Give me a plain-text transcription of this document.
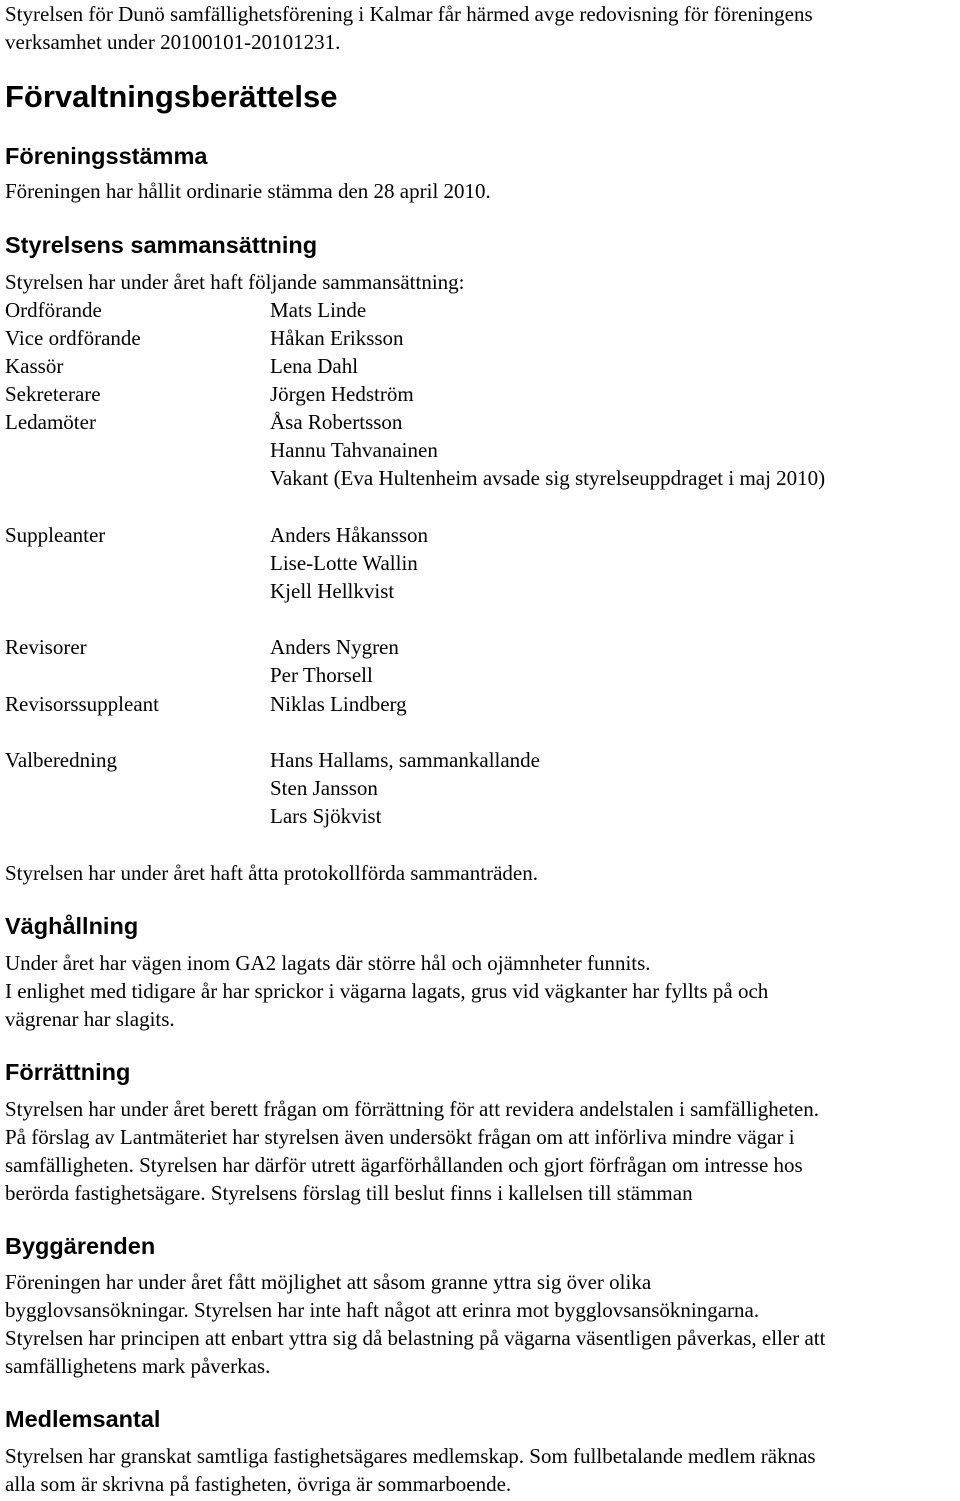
Styrelsen för Dunö samfällighetsförening i Kalmar får härmed avge redovisning för föreningens
verksamhet under 20100101-20101231.
Förvaltningsberättelse
Föreningsstämma
Föreningen har hållit ordinarie stämma den 28 april 2010.
Styrelsens sammansättning
Styrelsen har under året haft följande sammansättning:
Ordförande
Vice ordförande
Kassör
Sekreterare
Ledamöter
Suppleanter
Revisorer
Revisorssuppleant
Valberedning
Mats Linde
Håkan Eriksson
Lena Dahl
Jörgen Hedström
Åsa Robertsson
Hannu Tahvanainen
Vakant (Eva Hultenheim avsade sig styrelseuppdraget i maj 2010)
Anders Håkansson
Lise-Lotte Wallin
Kjell Hellkvist
Anders Nygren
Per Thorsell
Niklas Lindberg
Hans Hallams, sammankallande
Sten Jansson
Lars Sjökvist
Styrelsen har under året haft åtta protokollförda sammanträden.
Väghållning
Under året har vägen inom GA2 lagats där större hål och ojämnheter funnits.
I enlighet med tidigare år har sprickor i vägarna lagats, grus vid vägkanter har fyllts på och
vägrenar har slagits.
Förrättning
Styrelsen har under året berett frågan om förrättning för att revidera andelstalen i samfälligheten.
På förslag av Lantmäteriet har styrelsen även undersökt frågan om att införliva mindre vägar i
samfälligheten. Styrelsen har därför utrett ägarförhållanden och gjort förfrågan om intresse hos
berörda fastighetsägare. Styrelsens förslag till beslut finns i kallelsen till stämman
Byggärenden
Föreningen har under året fått möjlighet att såsom granne yttra sig över olika
bygglovsansökningar. Styrelsen har inte haft något att erinra mot bygglovsansökningarna.
Styrelsen har principen att enbart yttra sig då belastning på vägarna väsentligen påverkas, eller att
samfällighetens mark påverkas.
Medlemsantal
Styrelsen har granskat samtliga fastighetsägares medlemskap. Som fullbetalande medlem räknas
alla som är skrivna på fastigheten, övriga är sommarboende.
